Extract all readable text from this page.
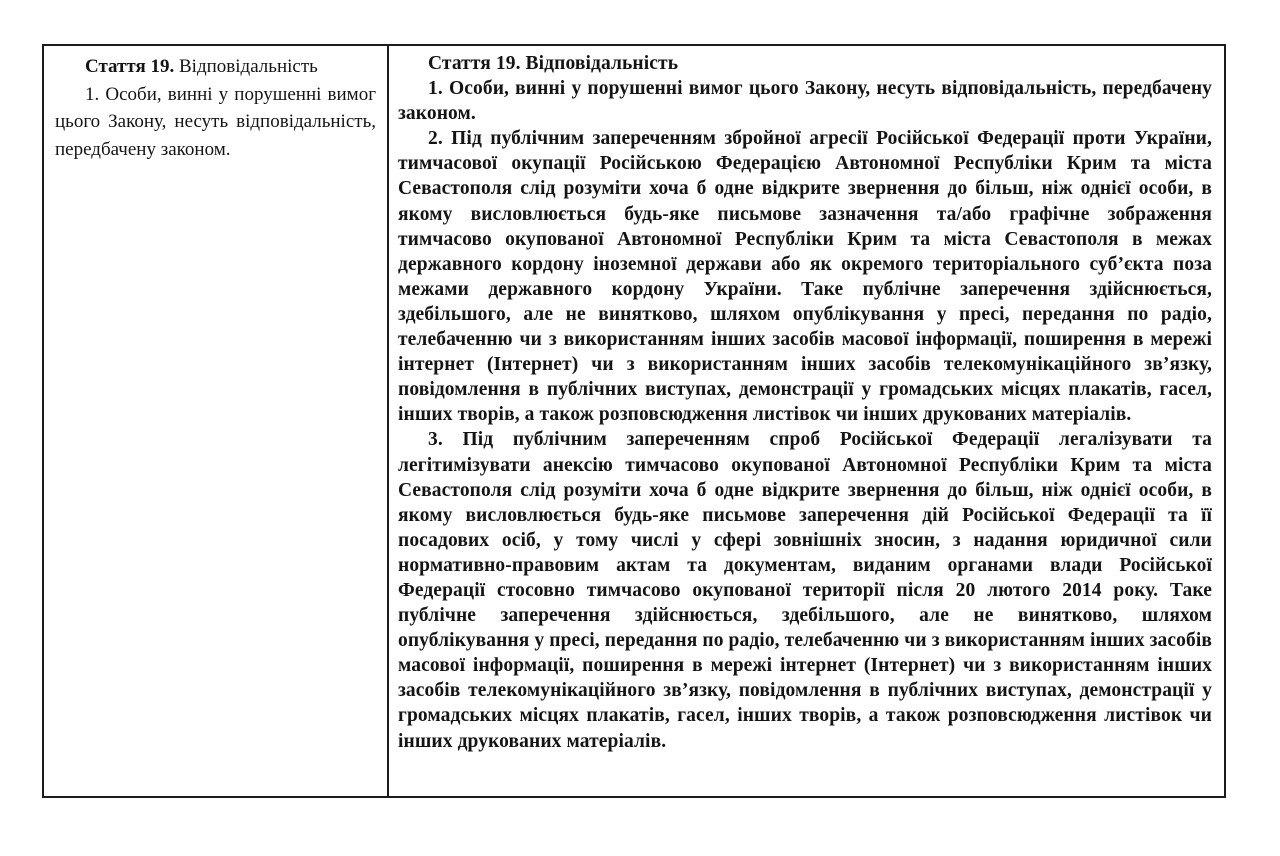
Стаття 19. Відповідальність

1. Особи, винні у порушенні вимог цього Закону, несуть відповідальність, передбачену законом.

Стаття 19. Відповідальність

1. Особи, винні у порушенні вимог цього Закону, несуть відповідальність, передбачену законом.

2. Під публічним запереченням збройної агресії Російської Федерації проти України, тимчасової окупації Російською Федерацією Автономної Республіки Крим та міста Севастополя слід розуміти хоча б одне відкрите звернення до більш, ніж однієї особи, в якому висловлюється будь-яке письмове зазначення та/або графічне зображення тимчасово окупованої Автономної Республіки Крим та міста Севастополя в межах державного кордону іноземної держави або як окремого територіального суб’єкта поза межами державного кордону України. Таке публічне заперечення здійснюється, здебільшого, але не винятково, шляхом опублікування у пресі, передання по радіо, телебаченню чи з використанням інших засобів масової інформації, поширення в мережі інтернет (Інтернет) чи з використанням інших засобів телекомунікаційного зв’язку, повідомлення в публічних виступах, демонстрації у громадських місцях плакатів, гасел, інших творів, а також розповсюдження листівок чи інших друкованих матеріалів.

3. Під публічним запереченням спроб Російської Федерації легалізувати та легітимізувати анексію тимчасово окупованої Автономної Республіки Крим та міста Севастополя слід розуміти хоча б одне відкрите звернення до більш, ніж однієї особи, в якому висловлюється будь-яке письмове заперечення дій Російської Федерації та її посадових осіб, у тому числі у сфері зовнішніх зносин, з надання юридичної сили нормативно-правовим актам та документам, виданим органами влади Російської Федерації стосовно тимчасово окупованої території після 20 лютого 2014 року. Таке публічне заперечення здійснюється, здебільшого, але не винятково, шляхом опублікування у пресі, передання по радіо, телебаченню чи з використанням інших засобів масової інформації, поширення в мережі інтернет (Інтернет) чи з використанням інших засобів телекомунікаційного зв’язку, повідомлення в публічних виступах, демонстрації у громадських місцях плакатів, гасел, інших творів, а також розповсюдження листівок чи інших друкованих матеріалів.
